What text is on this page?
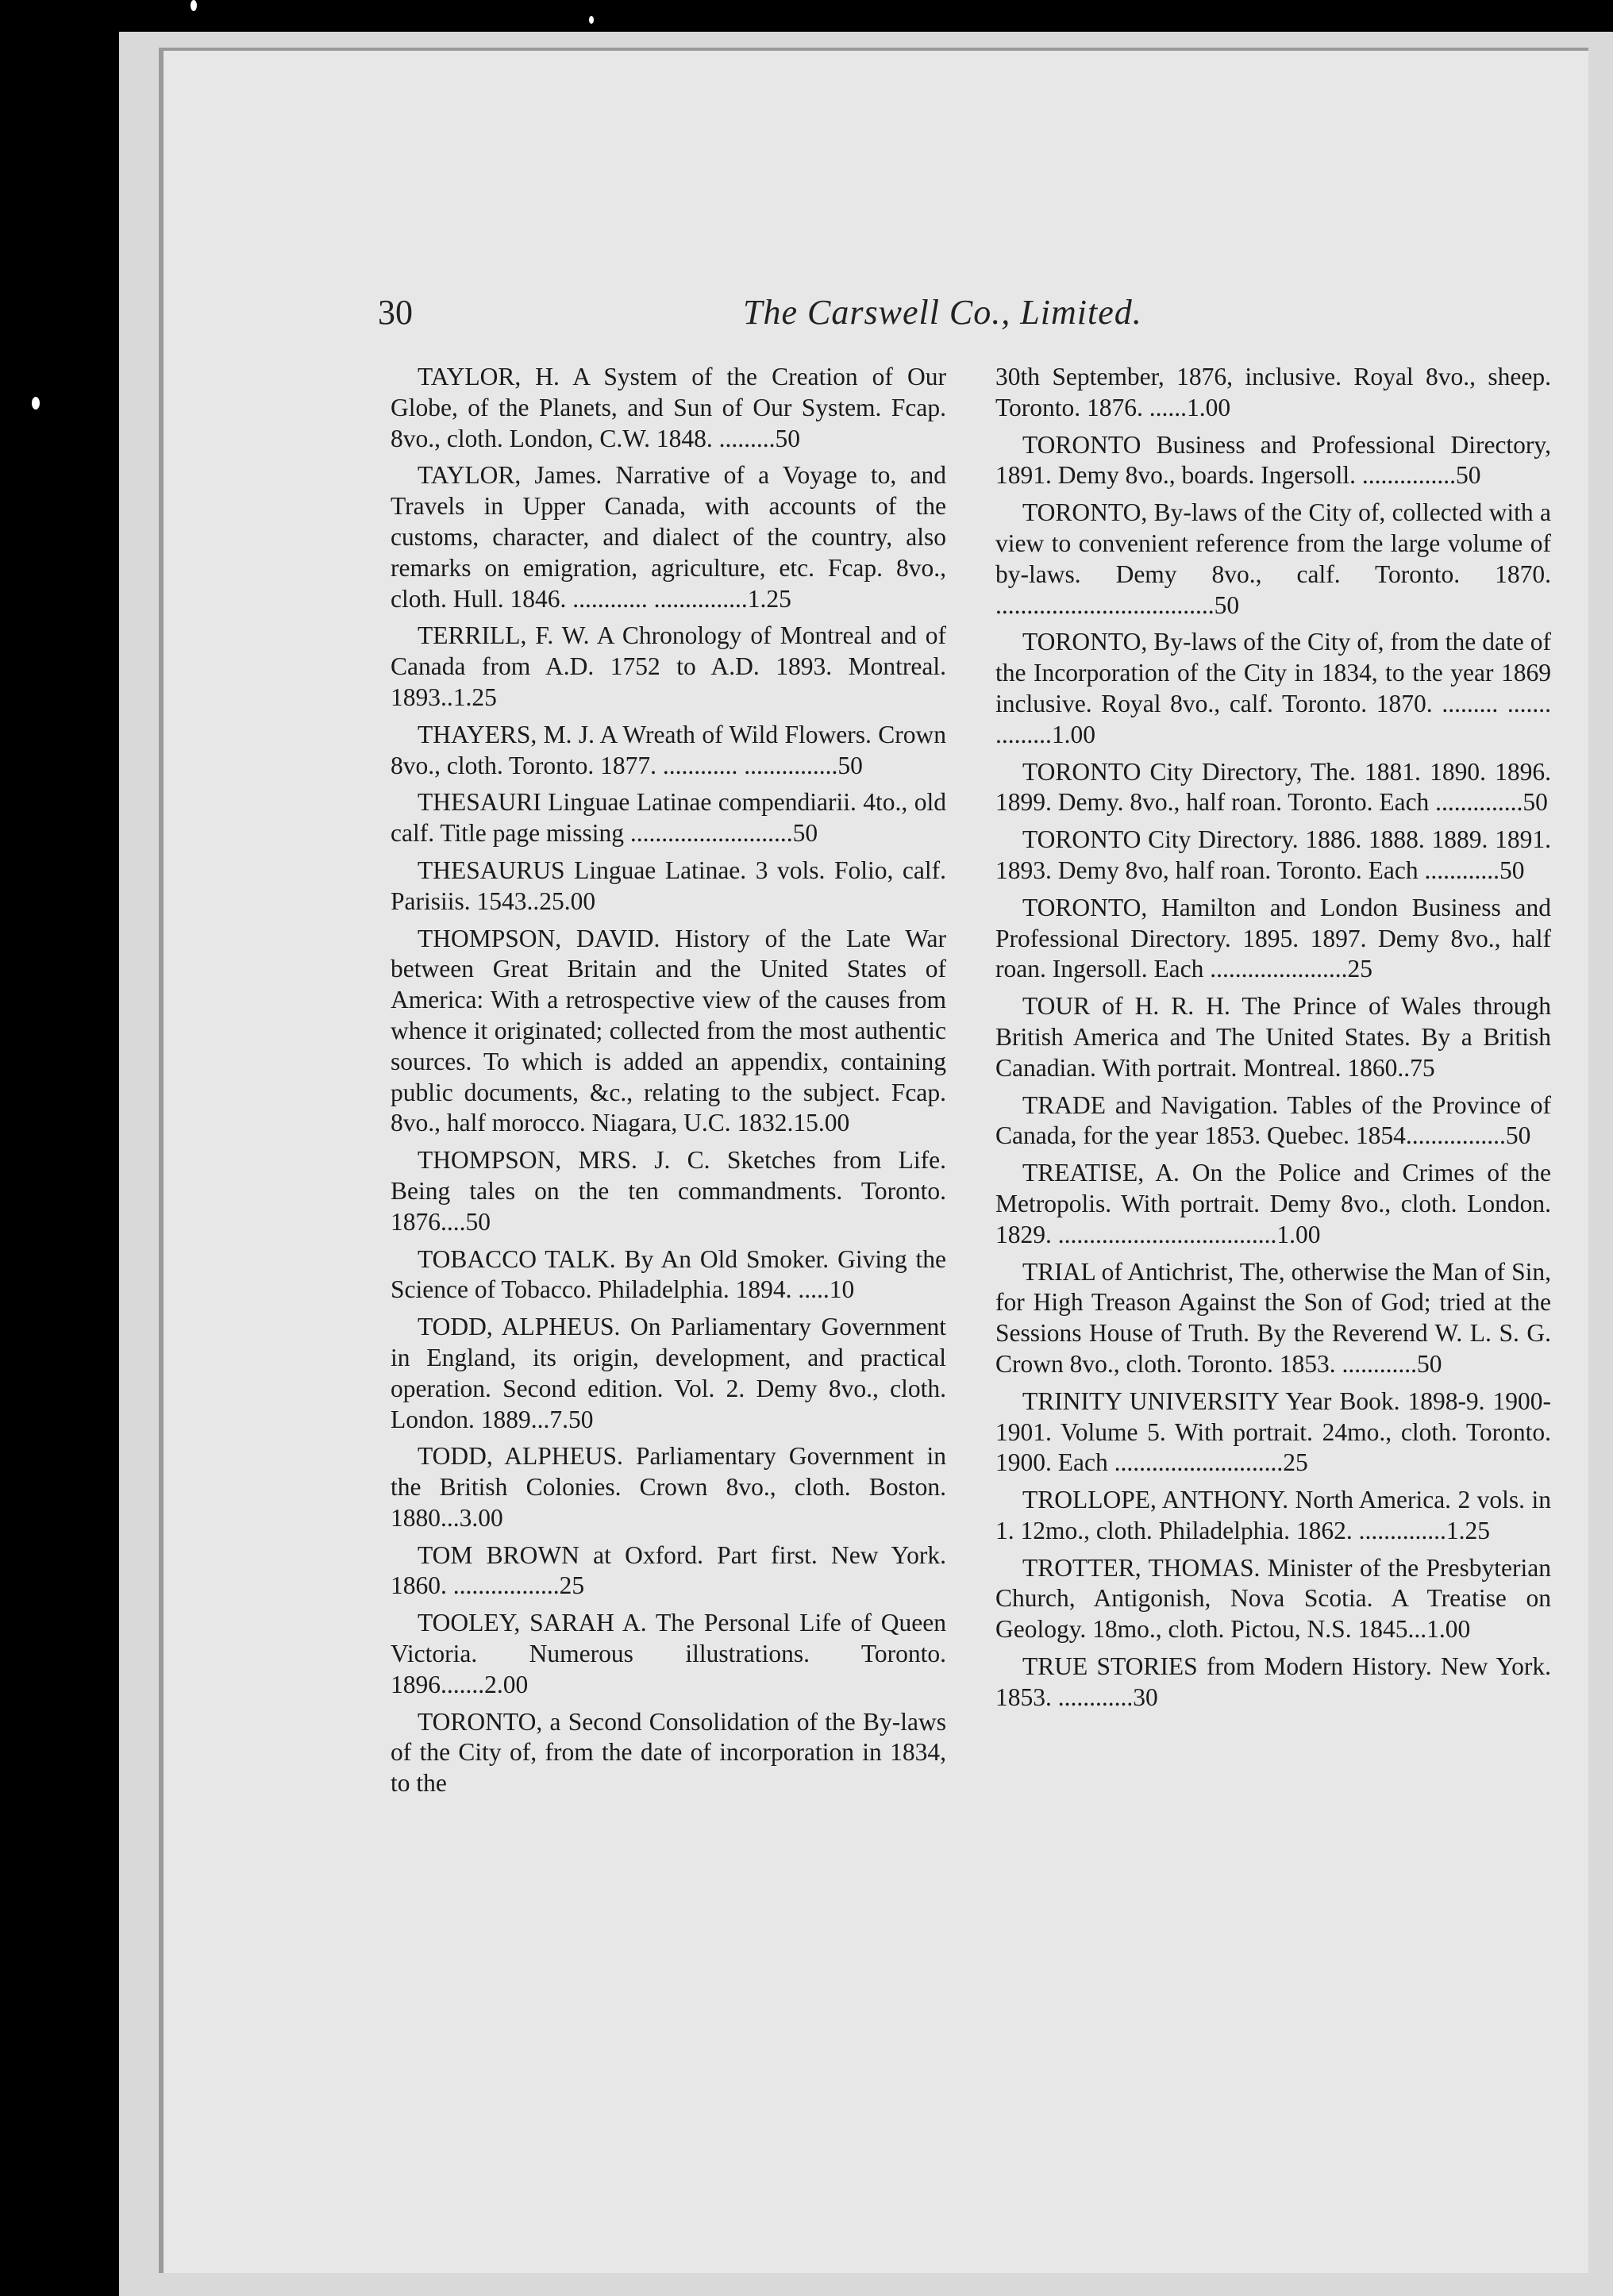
30	The Carswell Co., Limited.

TAYLOR, H. A System of the Creation of Our Globe, of the Planets, and Sun of Our System. Fcap. 8vo., cloth. London, C.W. 1848. .........50

TAYLOR, James. Narrative of a Voyage to, and Travels in Upper Canada, with accounts of the customs, character, and dialect of the country, also remarks on emigration, agriculture, etc. Fcap. 8vo., cloth. Hull. 1846. ............ ...............1.25

TERRILL, F. W. A Chronology of Montreal and of Canada from A.D. 1752 to A.D. 1893. Montreal. 1893..1.25

THAYERS, M. J. A Wreath of Wild Flowers. Crown 8vo., cloth. Toronto. 1877. ............ ...............50

THESAURI Linguae Latinae compendiarii. 4to., old calf. Title page missing ..........................50

THESAURUS Linguae Latinae. 3 vols. Folio, calf. Parisiis. 1543..25.00

THOMPSON, DAVID. History of the Late War between Great Britain and the United States of America: With a retrospective view of the causes from whence it originated; collected from the most authentic sources. To which is added an appendix, containing public documents, &c., relating to the subject. Fcap. 8vo., half morocco. Niagara, U.C. 1832.15.00

THOMPSON, MRS. J. C. Sketches from Life. Being tales on the ten commandments. Toronto. 1876....50

TOBACCO TALK. By An Old Smoker. Giving the Science of Tobacco. Philadelphia. 1894. .....10

TODD, ALPHEUS. On Parliamentary Government in England, its origin, development, and practical operation. Second edition. Vol. 2. Demy 8vo., cloth. London. 1889...7.50

TODD, ALPHEUS. Parliamentary Government in the British Colonies. Crown 8vo., cloth. Boston. 1880...3.00

TOM BROWN at Oxford. Part first. New York. 1860. .................25

TOOLEY, SARAH A. The Personal Life of Queen Victoria. Numerous illustrations. Toronto. 1896.......2.00

TORONTO, a Second Consolidation of the By-laws of the City of, from the date of incorporation in 1834, to the

30th September, 1876, inclusive. Royal 8vo., sheep. Toronto. 1876. ......1.00

TORONTO Business and Professional Directory, 1891. Demy 8vo., boards. Ingersoll. ...............50

TORONTO, By-laws of the City of, collected with a view to convenient reference from the large volume of by-laws. Demy 8vo., calf. Toronto. 1870. ...................................50

TORONTO, By-laws of the City of, from the date of the Incorporation of the City in 1834, to the year 1869 inclusive. Royal 8vo., calf. Toronto. 1870. ......... ....... .........1.00

TORONTO City Directory, The. 1881. 1890. 1896. 1899. Demy. 8vo., half roan. Toronto. Each ..............50

TORONTO City Directory. 1886. 1888. 1889. 1891. 1893. Demy 8vo, half roan. Toronto. Each ............50

TORONTO, Hamilton and London Business and Professional Directory. 1895. 1897. Demy 8vo., half roan. Ingersoll. Each ......................25

TOUR of H. R. H. The Prince of Wales through British America and The United States. By a British Canadian. With portrait. Montreal. 1860..75

TRADE and Navigation. Tables of the Province of Canada, for the year 1853. Quebec. 1854................50

TREATISE, A. On the Police and Crimes of the Metropolis. With portrait. Demy 8vo., cloth. London. 1829. ...................................1.00

TRIAL of Antichrist, The, otherwise the Man of Sin, for High Treason Against the Son of God; tried at the Sessions House of Truth. By the Reverend W. L. S. G. Crown 8vo., cloth. Toronto. 1853. ............50

TRINITY UNIVERSITY Year Book. 1898-9. 1900-1901. Volume 5. With portrait. 24mo., cloth. Toronto. 1900. Each ...........................25

TROLLOPE, ANTHONY. North America. 2 vols. in 1. 12mo., cloth. Philadelphia. 1862. ..............1.25

TROTTER, THOMAS. Minister of the Presbyterian Church, Antigonish, Nova Scotia. A Treatise on Geology. 18mo., cloth. Pictou, N.S. 1845...1.00

TRUE STORIES from Modern History. New York. 1853. ............30
